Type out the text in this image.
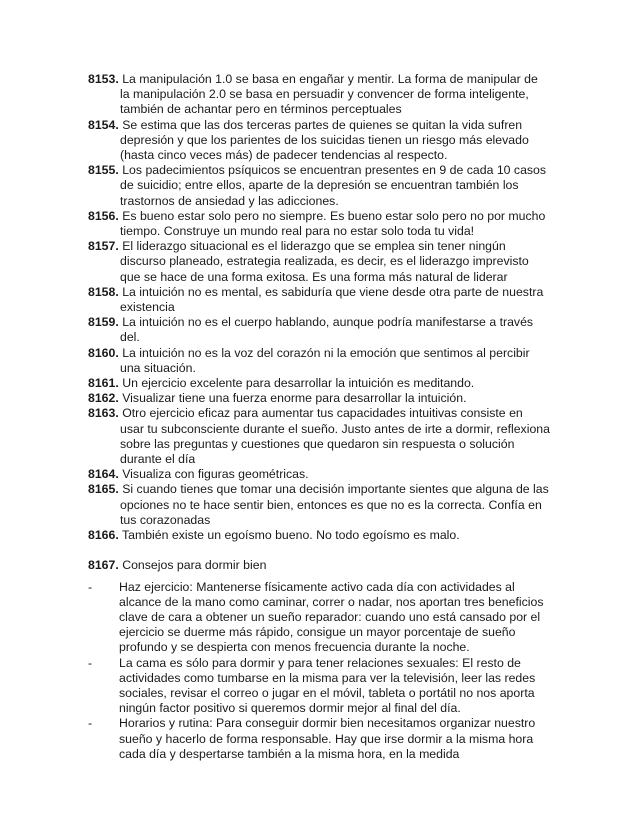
8153. La manipulación 1.0 se basa en engañar y mentir. La forma de manipular de la manipulación 2.0 se basa en persuadir y convencer de forma inteligente, también de achantar pero en términos perceptuales

8154. Se estima que las dos terceras partes de quienes se quitan la vida sufren depresión y que los parientes de los suicidas tienen un riesgo más elevado (hasta cinco veces más) de padecer tendencias al respecto.

8155. Los padecimientos psíquicos se encuentran presentes en 9 de cada 10 casos de suicidio; entre ellos, aparte de la depresión se encuentran también los trastornos de ansiedad y las adicciones.

8156. Es bueno estar solo pero no siempre. Es bueno estar solo pero no por mucho tiempo. Construye un mundo real para no estar solo toda tu vida!

8157. El liderazgo situacional es el liderazgo que se emplea sin tener ningún discurso planeado, estrategia realizada, es decir, es el liderazgo imprevisto que se hace de una forma exitosa. Es una forma más natural de liderar

8158. La intuición no es mental, es sabiduría que viene desde otra parte de nuestra existencia

8159. La intuición no es el cuerpo hablando, aunque podría manifestarse a través del.

8160. La intuición no es la voz del corazón ni la emoción que sentimos al percibir una situación.

8161. Un ejercicio excelente para desarrollar la intuición es meditando.

8162. Visualizar tiene una fuerza enorme para desarrollar la intuición.

8163. Otro ejercicio eficaz para aumentar tus capacidades intuitivas consiste en usar tu subconsciente durante el sueño. Justo antes de irte a dormir, reflexiona sobre las preguntas y cuestiones que quedaron sin respuesta o solución durante el día

8164. Visualiza con figuras geométricas.

8165. Si cuando tienes que tomar una decisión importante sientes que alguna de las opciones no te hace sentir bien, entonces es que no es la correcta. Confía en tus corazonadas

8166. También existe un egoísmo bueno. No todo egoísmo es malo.

8167. Consejos para dormir bien

-	Haz ejercicio: Mantenerse físicamente activo cada día con actividades al alcance de la mano como caminar, correr o nadar, nos aportan tres beneficios clave de cara a obtener un sueño reparador: cuando uno está cansado por el ejercicio se duerme más rápido, consigue un mayor porcentaje de sueño profundo y se despierta con menos frecuencia durante la noche.
-	La cama es sólo para dormir y para tener relaciones sexuales: El resto de actividades como tumbarse en la misma para ver la televisión, leer las redes sociales, revisar el correo o jugar en el móvil, tableta o portátil no nos aporta ningún factor positivo si queremos dormir mejor al final del día.
-	Horarios y rutina: Para conseguir dormir bien necesitamos organizar nuestro sueño y hacerlo de forma responsable. Hay que irse dormir a la misma hora cada día y despertarse también a la misma hora, en la medida
